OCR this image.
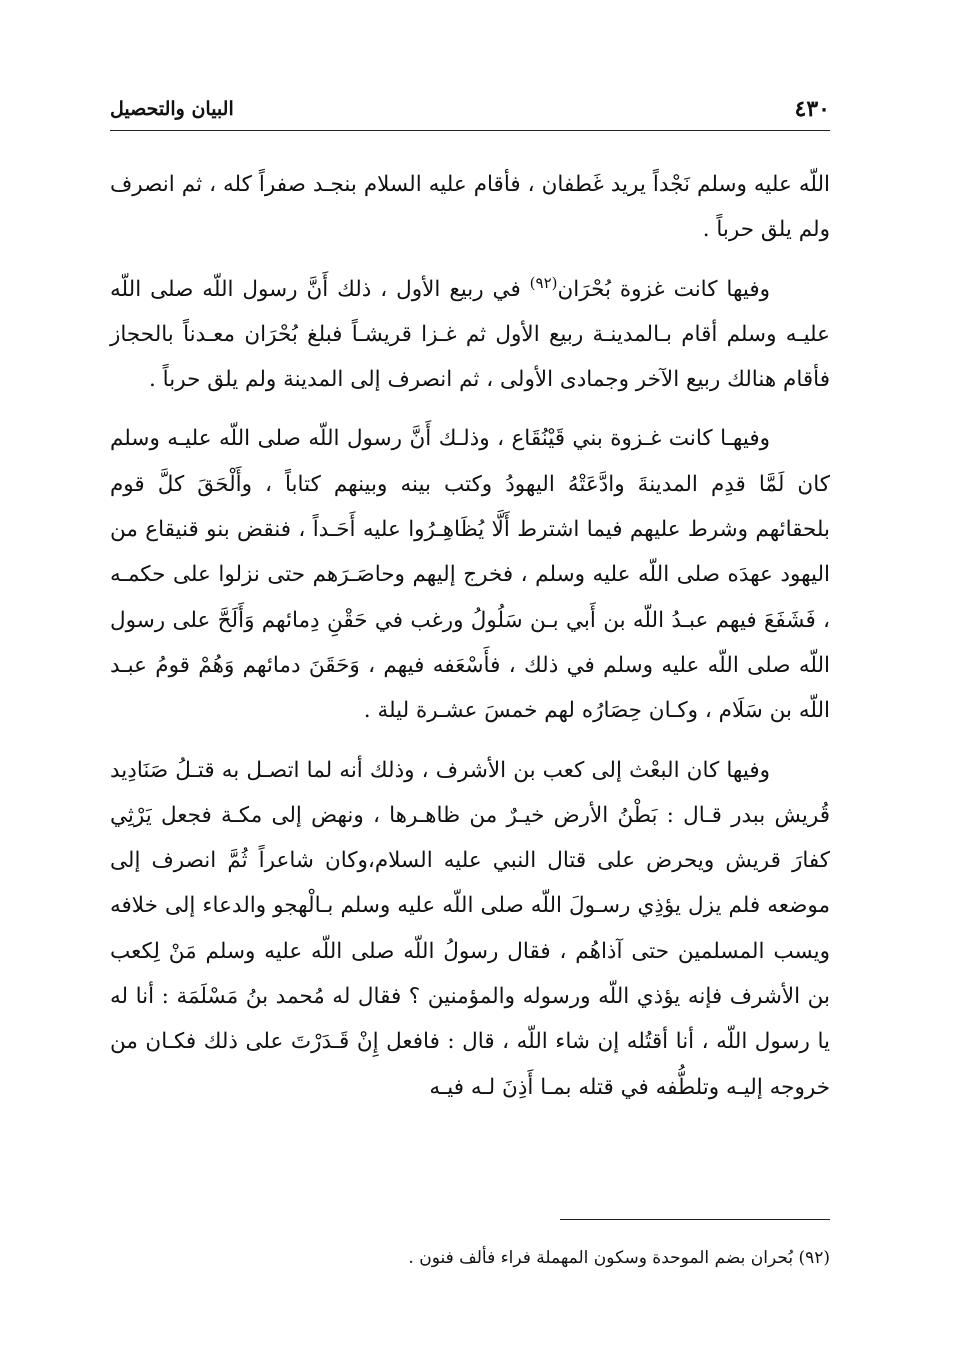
٤٣٠
البيان والتحصيل

اللّه عليه وسلم نَجْداً يريد غَطفان ، فأقام عليه السلام بنجـد صفراً كله ، ثم انصرف ولم يلق حرباً .

وفيها كانت غزوة بُحْرَان$^{(٩٢)}$ في ربيع الأول ، ذلك أَنَّ رسول اللّه صلى اللّه عليـه وسلم أقام بـالمدينـة ربيع الأول ثم غـزا قريشـاً فبلغ بُحْرَان معـدناً بالحجاز فأقام هنالك ربيع الآخر وجمادى الأولى ، ثم انصرف إلى المدينة ولم يلق حرباً .

وفيهـا كانت غـزوة بني قَيْنُقَاع ، وذلـك أَنَّ رسول اللّه صلى اللّه عليـه وسلم كان لَمَّا قدِم المدينةَ وادَّعَتْهُ اليهودُ وكتب بينه وبينهم كتاباً ، وأَلْحَقَ كلَّ قوم بلحقائهم وشرط عليهم فيما اشترط أَلَّا يُظَاهِـرُوا عليه أَحَـداً ، فنقض بنو قنيقاع من اليهود عهدَه صلى اللّه عليه وسلم ، فخرج إليهم وحاصَـرَهم حتى نزلوا على حكمـه ، فَشَفَعَ فيهم عبـدُ اللّه بن أَبي بـن سَلُولُ ورغب في حَقْنِ دِمائهم وَأَلَحَّ على رسول اللّه صلى اللّه عليه وسلم في ذلك ، فأَسْعَفه فيهم ، وَحَقَنَ دمائهم وَهُمْ قومُ عبـد اللّه بن سَلَام ، وكـان حِصَارُه لهم خمسَ عشـرة ليلة .

وفيها كان البعْث إلى كعب بن الأشرف ، وذلك أنه لما اتصـل به قتـلُ صَنَادِيد قُريش ببدر قـال : بَطْنُ الأرض خيـرٌ من ظاهـرها ، ونهض إلى مكـة فجعل يَرْثِي كفارَ قريش ويحرض على قتال النبي عليه السلام،وكان شاعراً ثُمَّ انصرف إلى موضعه فلم يزل يؤذِي رسـولَ اللّه صلى اللّه عليه وسلم بـالْهجو والدعاء إلى خلافه ويسب المسلمين حتى آذاهُم ، فقال رسولُ اللّه صلى اللّه عليه وسلم مَنْ لِكعب بن الأشرف فإنه يؤذي اللّه ورسوله والمؤمنين ؟ فقال له مُحمد بنُ مَسْلَمَة : أنا له يا رسول اللّه ، أنا أقتُله إن شاء اللّه ، قال : فافعل إِنْ قَـدَرْتَ على ذلك فكـان من خروجه إليـه وتلطُّفه في قتله بمـا أَذِنَ لـه فيـه

(٩٢) بُحران بضم الموحدة وسكون المهملة فراء فألف فنون .
